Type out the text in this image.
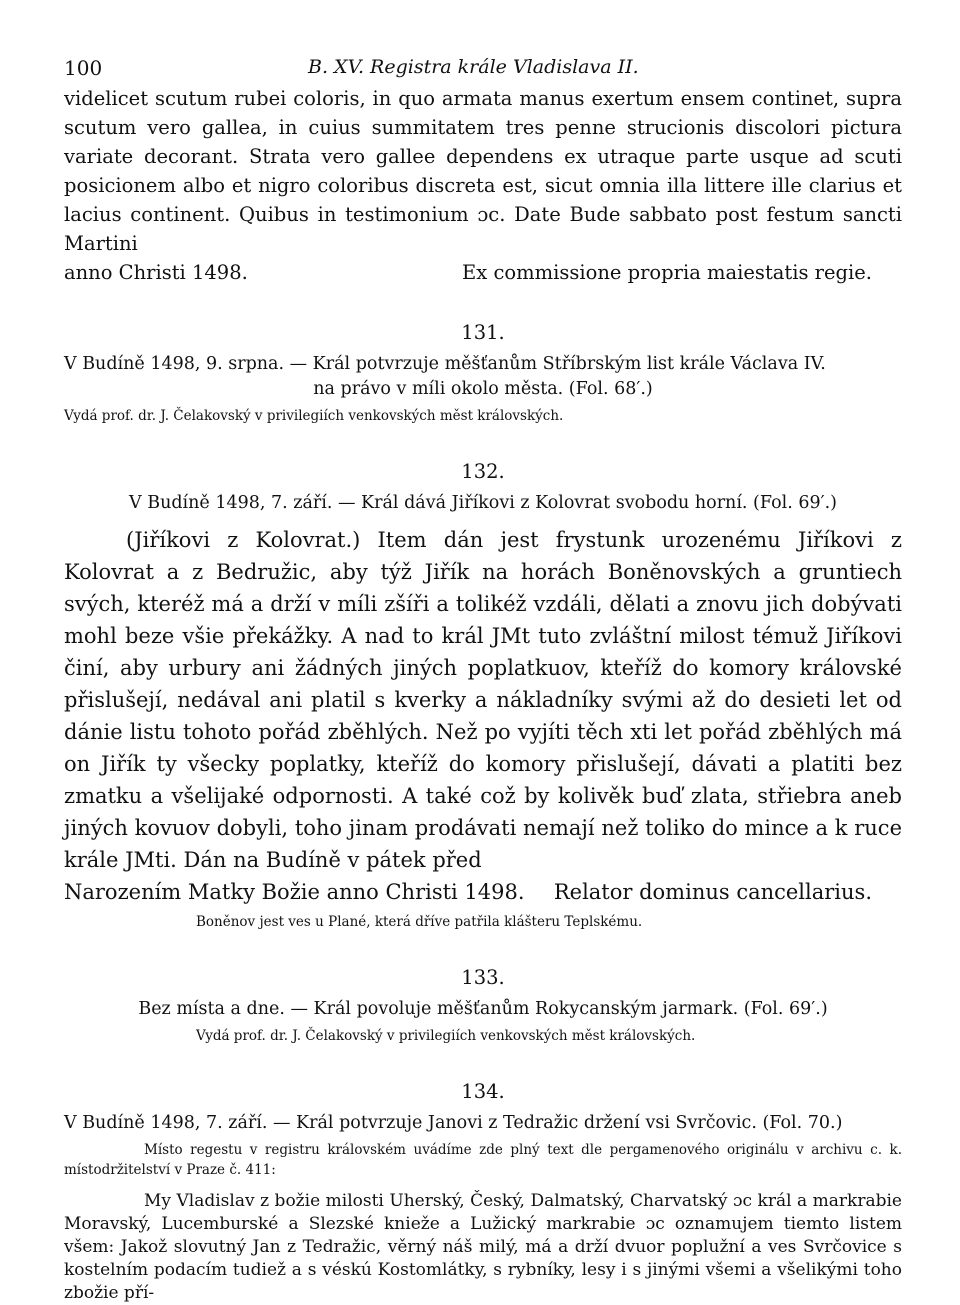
100	B. XV. Registra krále Vladislava II.

videlicet scutum rubei coloris, in quo armata manus exertum ensem continet, supra scutum vero gallea, in cuius summitatem tres penne strucionis discolori pictura variate decorant. Strata vero gallee dependens ex utraque parte usque ad scuti posicionem albo et nigro coloribus discreta est, sicut omnia illa littere ille clarius et lacius continent. Quibus in testimonium ɔc. Date Bude sabbato post festum sancti Martini

anno Christi 1498.	Ex commissione propria maiestatis regie.
131.

V Budíně 1498, 9. srpna. — Král potvrzuje měšťanům Stříbrským list krále Václava IV.

na právo v míli okolo města. (Fol. 68′.)

Vydá prof. dr. J. Čelakovský v privilegiích venkovských měst královských.

132.

V Budíně 1498, 7. září. — Král dává Jiříkovi z Kolovrat svobodu horní. (Fol. 69′.)

(Jiříkovi z Kolovrat.) Item dán jest frystunk urozenému Jiříkovi z Kolovrat a z Bedružic, aby týž Jiřík na horách Boněnovských a gruntiech svých, kteréž má a drží v míli zšíři a tolikéž vzdáli, dělati a znovu jich dobývati mohl beze všie překážky. A nad to král JMt tuto zvláštní milost témuž Jiříkovi činí, aby urbury ani žádných jiných poplatkuov, kteříž do komory královské přislušejí, nedával ani platil s kverky a nákladníky svými až do desieti let od dánie listu tohoto pořád zběhlých. Než po vyjíti těch xti let pořád zběhlých má on Jiřík ty všecky poplatky, kteříž do komory přislušejí, dávati a platiti bez zmatku a všelijaké odpornosti. A také což by kolivěk buď zlata, střiebra aneb jiných kovuov dobyli, toho jinam prodávati nemají než toliko do mince a k ruce krále JMti. Dán na Budíně v pátek před

Narozením Matky Božie anno Christi 1498. Relator dominus cancellarius.

Boněnov jest ves u Plané, která dříve patřila klášteru Teplskému.

133.

Bez místa a dne. — Král povoluje měšťanům Rokycanským jarmark. (Fol. 69′.)

Vydá prof. dr. J. Čelakovský v privilegiích venkovských měst královských.

134.

V Budíně 1498, 7. září. — Král potvrzuje Janovi z Tedražic držení vsi Svrčovic. (Fol. 70.)

Místo regestu v registru královském uvádíme zde plný text dle pergamenového originálu v archivu c. k. místodržitelství v Praze č. 411:

My Vladislav z božie milosti Uherský, Český, Dalmatský, Charvatský ɔc král a markrabie Moravský, Lucemburské a Slezské knieže a Lužický markrabie ɔc oznamujem tiemto listem všem: Jakož slovutný Jan z Tedražic, věrný náš milý, má a drží dvuor poplužní a ves Svrčovice s kostelním podacím tudiež a s véskú Kostomlátky, s rybníky, lesy i s jinými všemi a všelikými toho zbožie pří-
